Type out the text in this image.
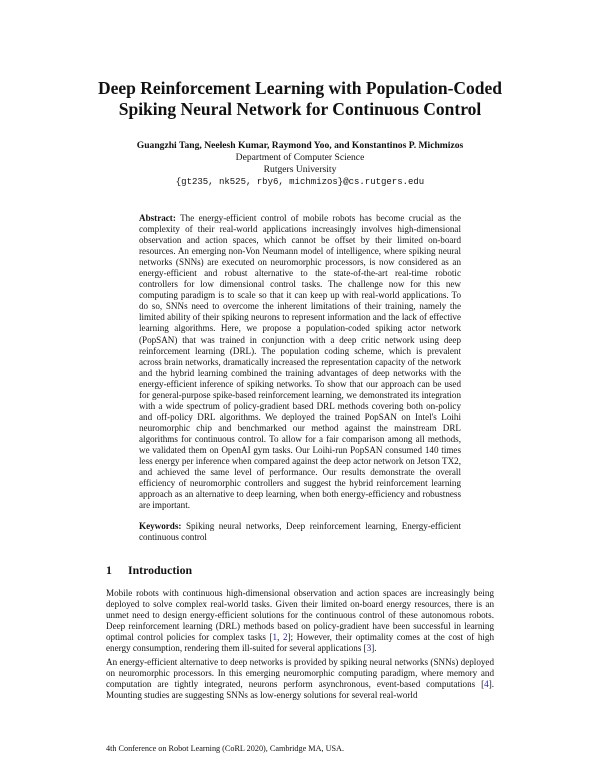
Deep Reinforcement Learning with Population-Coded
Spiking Neural Network for Continuous Control
Guangzhi Tang, Neelesh Kumar, Raymond Yoo, and Konstantinos P. Michmizos
Department of Computer Science
Rutgers University
{gt235, nk525, rby6, michmizos}@cs.rutgers.edu
Abstract: The energy-efficient control of mobile robots has become crucial as the complexity of their real-world applications increasingly involves high-dimensional observation and action spaces, which cannot be offset by their limited on-board resources. An emerging non-Von Neumann model of intelligence, where spiking neural networks (SNNs) are executed on neuromorphic processors, is now considered as an energy-efficient and robust alternative to the state-of-the-art real-time robotic controllers for low dimensional control tasks. The challenge now for this new computing paradigm is to scale so that it can keep up with real-world applications. To do so, SNNs need to overcome the inherent limitations of their training, namely the limited ability of their spiking neurons to represent information and the lack of effective learning algorithms. Here, we propose a population-coded spiking actor network (PopSAN) that was trained in conjunction with a deep critic network using deep reinforcement learning (DRL). The population coding scheme, which is prevalent across brain networks, dramatically increased the representation capacity of the network and the hybrid learning combined the training advantages of deep networks with the energy-efficient inference of spiking networks. To show that our approach can be used for general-purpose spike-based reinforcement learning, we demonstrated its integration with a wide spectrum of policy-gradient based DRL methods covering both on-policy and off-policy DRL algorithms. We deployed the trained PopSAN on Intel's Loihi neuromorphic chip and benchmarked our method against the mainstream DRL algorithms for continuous control. To allow for a fair comparison among all methods, we validated them on OpenAI gym tasks. Our Loihi-run PopSAN consumed 140 times less energy per inference when compared against the deep actor network on Jetson TX2, and achieved the same level of performance. Our results demonstrate the overall efficiency of neuromorphic controllers and suggest the hybrid reinforcement learning approach as an alternative to deep learning, when both energy-efficiency and robustness are important.
Keywords: Spiking neural networks, Deep reinforcement learning, Energy-efficient continuous control
1 Introduction
Mobile robots with continuous high-dimensional observation and action spaces are increasingly being deployed to solve complex real-world tasks. Given their limited on-board energy resources, there is an unmet need to design energy-efficient solutions for the continuous control of these autonomous robots. Deep reinforcement learning (DRL) methods based on policy-gradient have been successful in learning optimal control policies for complex tasks [1, 2]; However, their optimality comes at the cost of high energy consumption, rendering them ill-suited for several applications [3].
An energy-efficient alternative to deep networks is provided by spiking neural networks (SNNs) deployed on neuromorphic processors. In this emerging neuromorphic computing paradigm, where memory and computation are tightly integrated, neurons perform asynchronous, event-based computations [4]. Mounting studies are suggesting SNNs as low-energy solutions for several real-world
4th Conference on Robot Learning (CoRL 2020), Cambridge MA, USA.
